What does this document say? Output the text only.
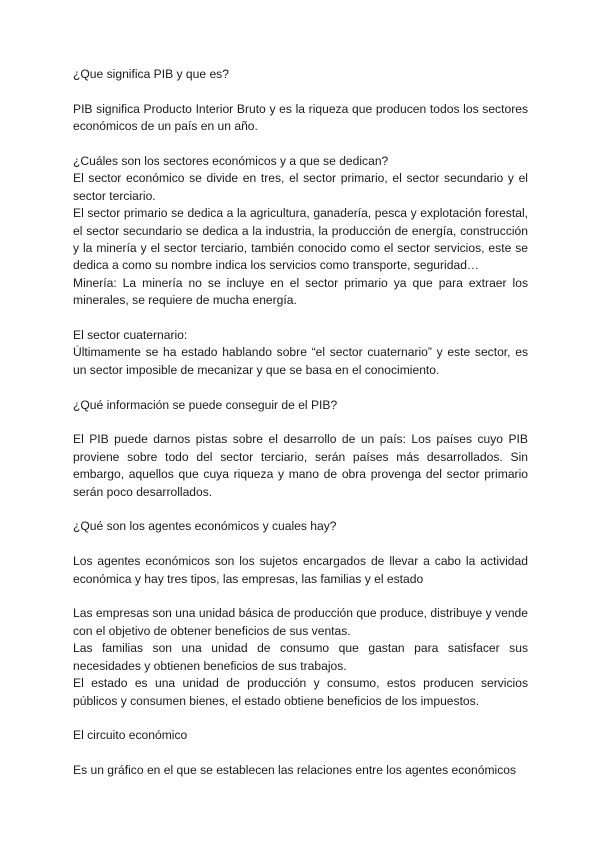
¿Que significa PIB y que es?

PIB significa Producto Interior Bruto y es la riqueza que producen todos los sectores económicos de un país en un año.

¿Cuáles son los sectores económicos y a que se dedican?

El sector económico se divide en tres, el sector primario, el sector secundario y el sector terciario.

El sector primario se dedica a la agricultura, ganadería, pesca y explotación forestal, el sector secundario se dedica a la industria, la producción de energía, construcción y la minería y el sector terciario, también conocido como el sector servicios, este se dedica a como su nombre indica los servicios como transporte, seguridad…

Minería: La minería no se incluye en el sector primario ya que para extraer los minerales, se requiere de mucha energía.

El sector cuaternario:

Últimamente se ha estado hablando sobre “el sector cuaternario” y este sector, es un sector imposible de mecanizar y que se basa en el conocimiento.

¿Qué información se puede conseguir de el PIB?

El PIB puede darnos pistas sobre el desarrollo de un país: Los países cuyo PIB proviene sobre todo del sector terciario, serán países más desarrollados. Sin embargo, aquellos que cuya riqueza y mano de obra provenga del sector primario serán poco desarrollados.

¿Qué son los agentes económicos y cuales hay?

Los agentes económicos son los sujetos encargados de llevar a cabo la actividad económica y hay tres tipos, las empresas, las familias y el estado

Las empresas son una unidad básica de producción que produce, distribuye y vende con el objetivo de obtener beneficios de sus ventas.

Las familias son una unidad de consumo que gastan para satisfacer sus necesidades y obtienen beneficios de sus trabajos.

El estado es una unidad de producción y consumo, estos producen servicios públicos y consumen bienes, el estado obtiene beneficios de los impuestos.

El circuito económico

Es un gráfico en el que se establecen las relaciones entre los agentes económicos
